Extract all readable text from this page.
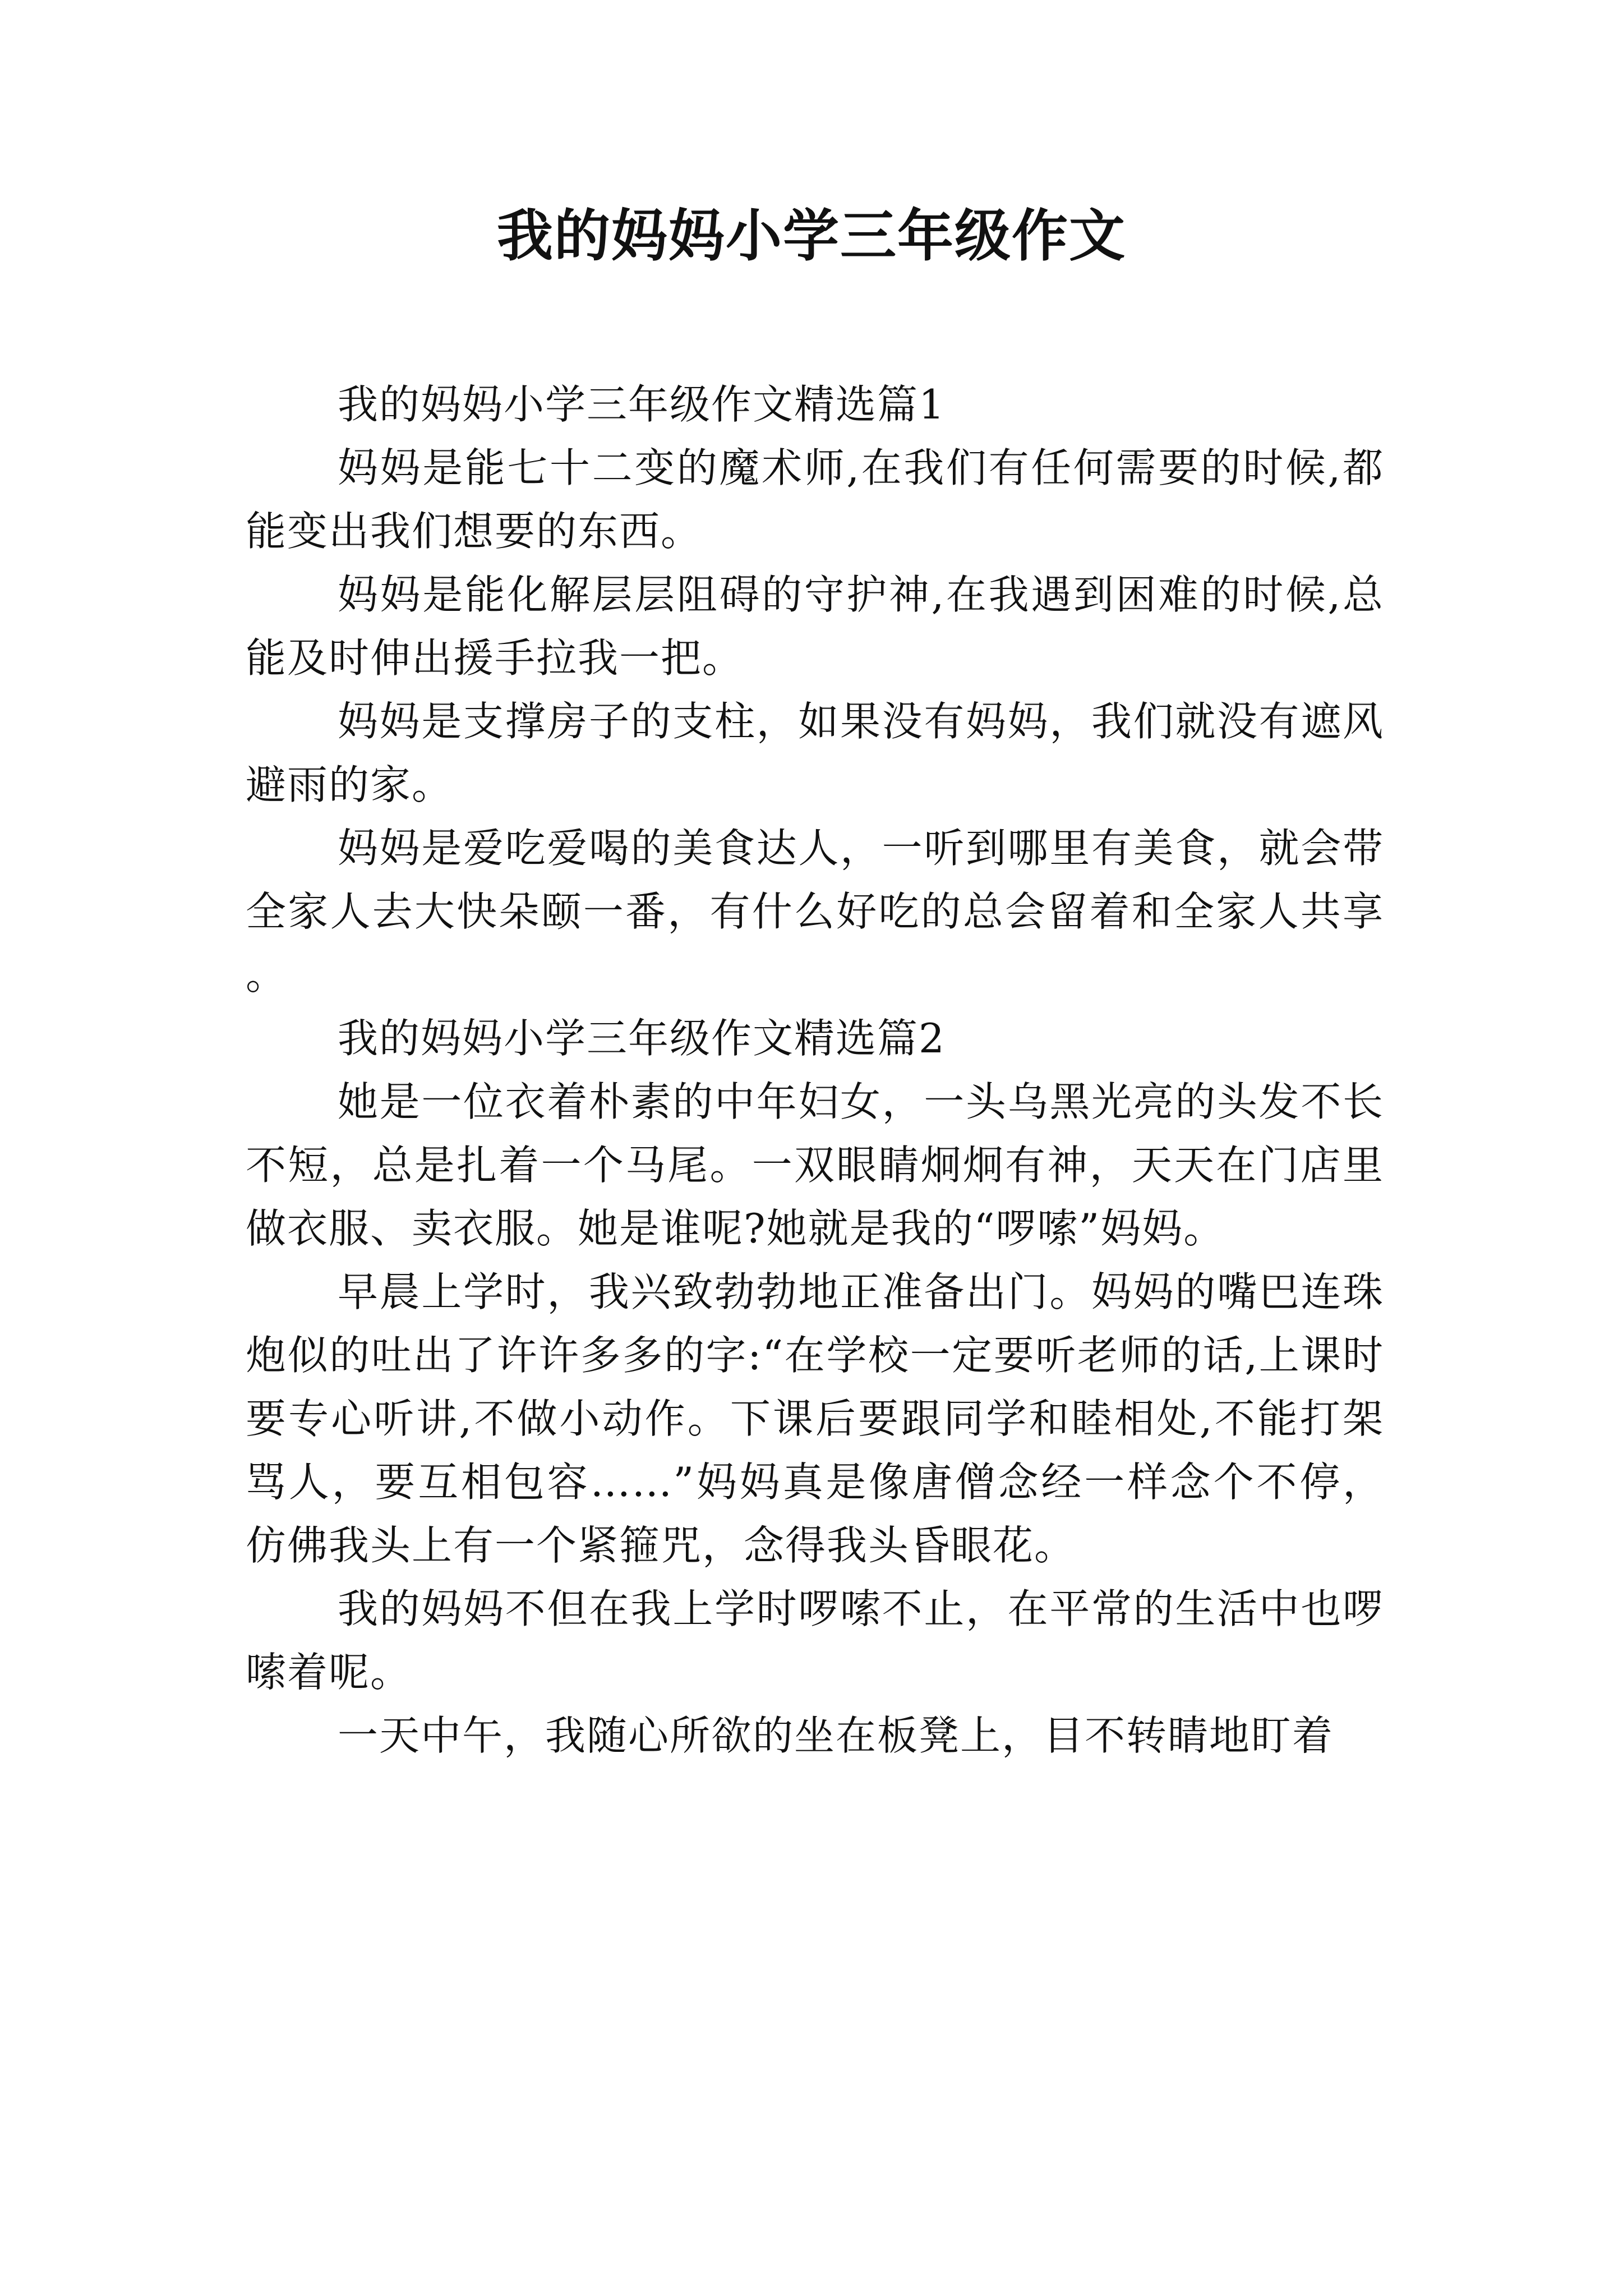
我的妈妈小学三年级作文

我的妈妈小学三年级作文精选篇1

妈妈是能七十二变的魔术师,在我们有任何需要的时候,都能变出我们想要的东西。

妈妈是能化解层层阻碍的守护神,在我遇到困难的时候,总能及时伸出援手拉我一把。

妈妈是支撑房子的支柱，如果没有妈妈，我们就没有遮风避雨的家。

妈妈是爱吃爱喝的美食达人，一听到哪里有美食，就会带全家人去大快朵颐一番，有什么好吃的总会留着和全家人共享。

我的妈妈小学三年级作文精选篇2

她是一位衣着朴素的中年妇女，一头乌黑光亮的头发不长不短，总是扎着一个马尾。一双眼睛炯炯有神，天天在门店里做衣服、卖衣服。她是谁呢?她就是我的“啰嗦”妈妈。

早晨上学时，我兴致勃勃地正准备出门。妈妈的嘴巴连珠炮似的吐出了许许多多的字:“在学校一定要听老师的话,上课时要专心听讲,不做小动作。下课后要跟同学和睦相处,不能打架骂人，要互相包容……”妈妈真是像唐僧念经一样念个不停，仿佛我头上有一个紧箍咒，念得我头昏眼花。

我的妈妈不但在我上学时啰嗦不止，在平常的生活中也啰嗦着呢。

一天中午，我随心所欲的坐在板凳上，目不转睛地盯着
